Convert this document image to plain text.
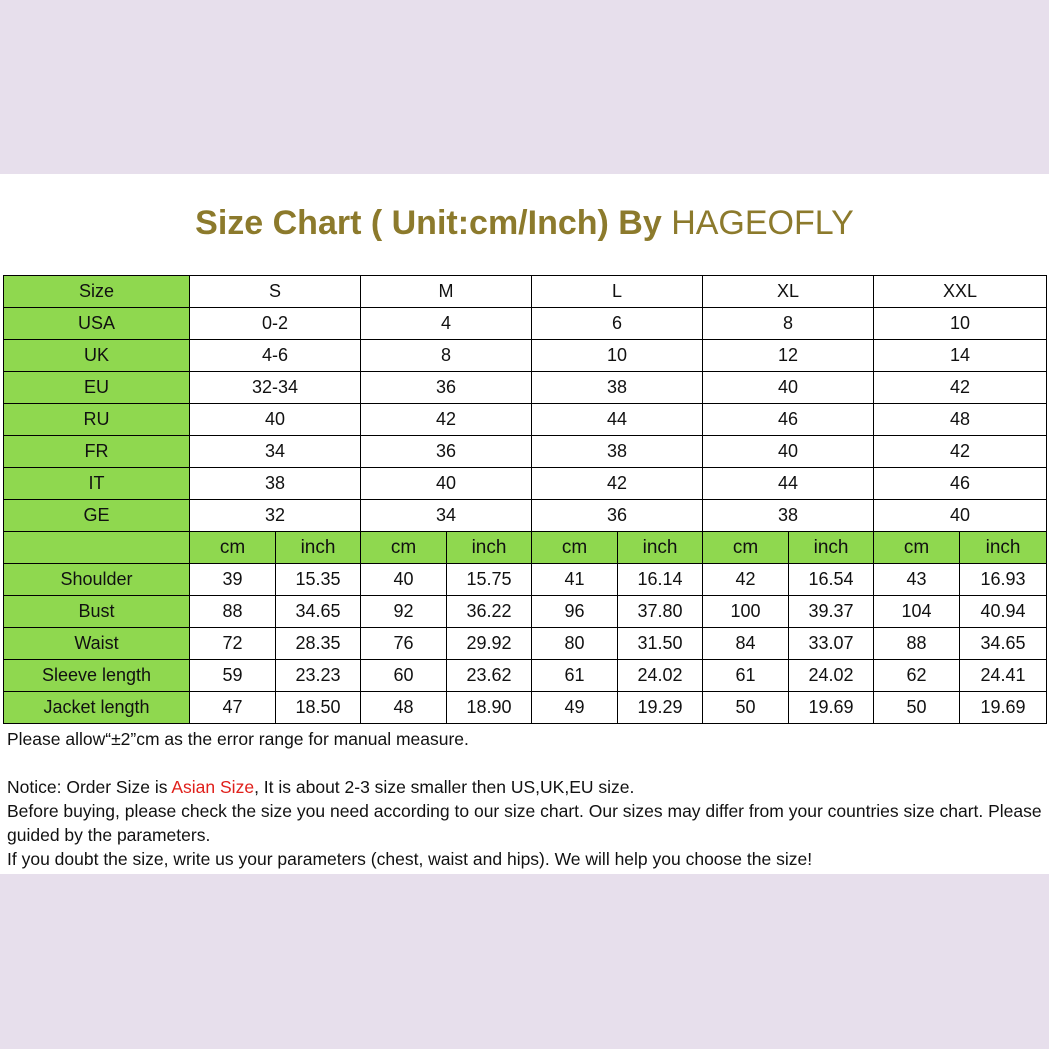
Size Chart ( Unit:cm/Inch) By HAGEOFLY
Size	S		M		L		XL		XXL	
USA	0-2		4		6		8		10	
UK	4-6		8		10		12		14	
EU	32-34		36		38		40		42	
RU	40		42		44		46		48	
FR	34		36		38		40		42	
IT	38		40		42		44		46	
GE	32		34		36		38		40	
	cm	inch	cm	inch	cm	inch	cm	inch	cm	inch
Shoulder	39	15.35	40	15.75	41	16.14	42	16.54	43	16.93
Bust	88	34.65	92	36.22	96	37.80	100	39.37	104	40.94
Waist	72	28.35	76	29.92	80	31.50	84	33.07	88	34.65
Sleeve length	59	23.23	60	23.62	61	24.02	61	24.02	62	24.41
Jacket length	47	18.50	48	18.90	49	19.29	50	19.69	50	19.69

Please allow“±2”cm as the error range for manual measure.

Notice: Order Size is Asian Size, It is about 2-3 size smaller then US,UK,EU size.

Before buying, please check the size you need according to our size chart. Our sizes may differ from your countries size chart. Please guided by the parameters.

If you doubt the size, write us your parameters (chest, waist and hips). We will help you choose the size!
